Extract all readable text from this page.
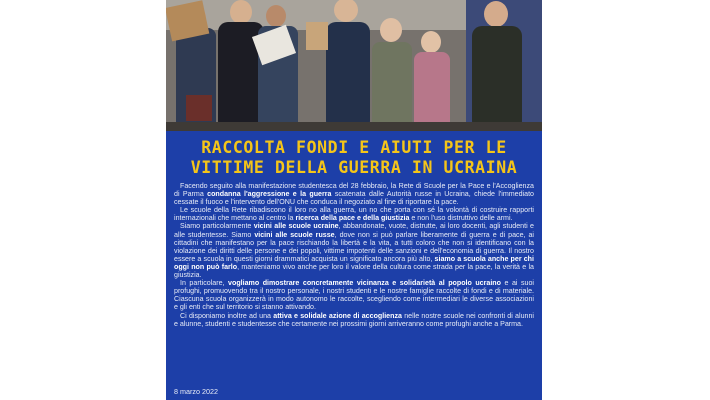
RACCOLTA FONDI E AIUTI PER LE
VITTIME DELLA GUERRA IN UCRAINA

Facendo seguito alla manifestazione studentesca del 28 febbraio, la Rete di Scuole per la Pace e l'Accoglienza di Parma condanna l'aggressione e la guerra scatenata dalle Autorità russe in Ucraina, chiede l'immediato cessate il fuoco e l'intervento dell'ONU che conduca il negoziato al fine di riportare la pace.

Le scuole della Rete ribadiscono il loro no alla guerra, un no che porta con sé la volontà di costruire rapporti internazionali che mettano al centro la ricerca della pace e della giustizia e non l'uso distruttivo delle armi.

Siamo particolarmente vicini alle scuole ucraine, abbandonate, vuote, distrutte, ai loro docenti, agli studenti e alle studentesse. Siamo vicini alle scuole russe, dove non si può parlare liberamente di guerra e di pace, ai cittadini che manifestano per la pace rischiando la libertà e la vita, a tutti coloro che non si identificano con la violazione dei diritti delle persone e dei popoli, vittime impotenti delle sanzioni e dell'economia di guerra. Il nostro essere a scuola in questi giorni drammatici acquista un significato ancora più alto, siamo a scuola anche per chi oggi non può farlo, manteniamo vivo anche per loro il valore della cultura come strada per la pace, la verità e la giustizia.

In particolare, vogliamo dimostrare concretamente vicinanza e solidarietà al popolo ucraino e ai suoi profughi, promuovendo tra il nostro personale, i nostri studenti e le nostre famiglie raccolte di fondi e di materiale. Ciascuna scuola organizzerà in modo autonomo le raccolte, scegliendo come intermediari le diverse associazioni e gli enti che sul territorio si stanno attivando.

Ci disponiamo inoltre ad una attiva e solidale azione di accoglienza nelle nostre scuole nei confronti di alunni e alunne, studenti e studentesse che certamente nei prossimi giorni arriveranno come profughi anche a Parma.

8 marzo 2022
